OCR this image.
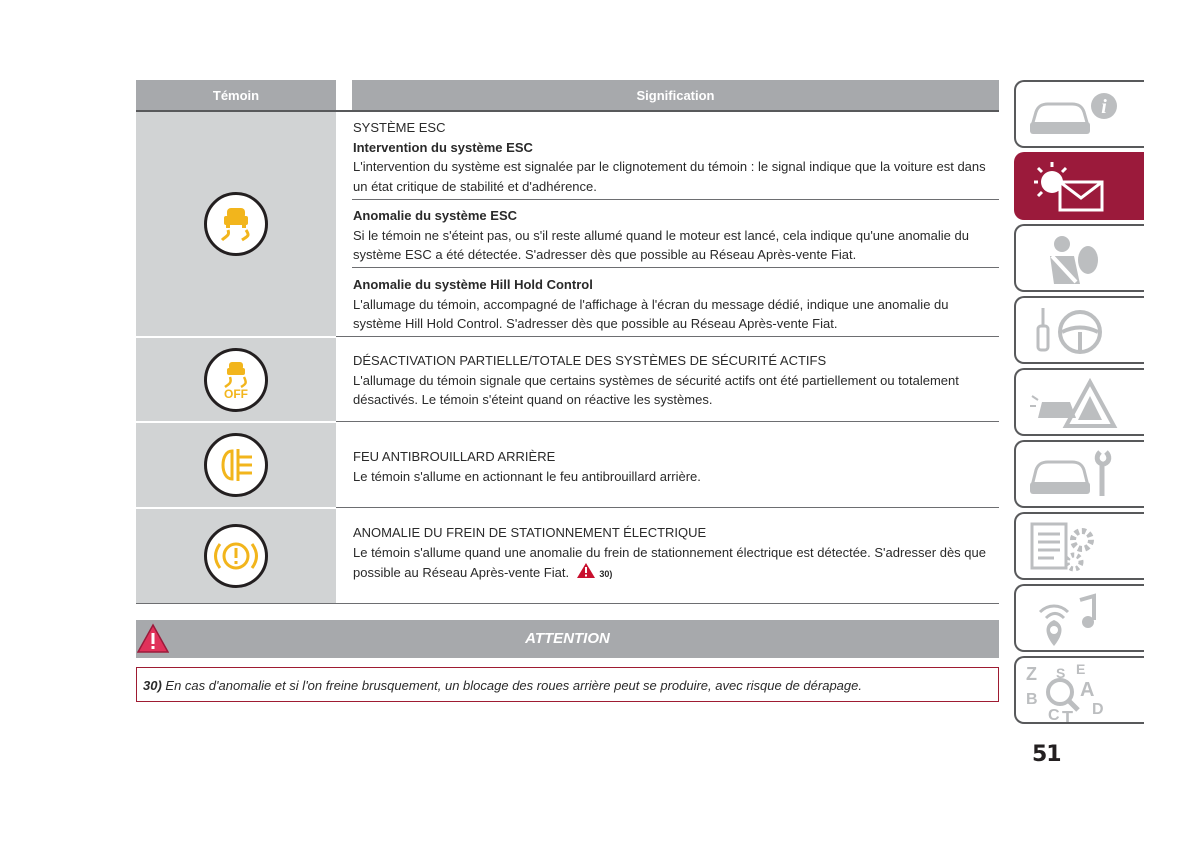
Témoin	Signification

SYSTÈME ESC
Intervention du système ESC
L'intervention du système est signalée par le clignotement du témoin : le signal indique que la voiture est dans un état critique de stabilité et d'adhérence.

Anomalie du système ESC
Si le témoin ne s'éteint pas, ou s'il reste allumé quand le moteur est lancé, cela indique qu'une anomalie du système ESC a été détectée. S'adresser dès que possible au Réseau Après-vente Fiat.

Anomalie du système Hill Hold Control
L'allumage du témoin, accompagné de l'affichage à l'écran du message dédié, indique une anomalie du système Hill Hold Control. S'adresser dès que possible au Réseau Après-vente Fiat.

OFF

DÉSACTIVATION PARTIELLE/TOTALE DES SYSTÈMES DE SÉCURITÉ ACTIFS
L'allumage du témoin signale que certains systèmes de sécurité actifs ont été partiellement ou totalement désactivés. Le témoin s'éteint quand on réactive les systèmes.

FEU ANTIBROUILLARD ARRIÈRE
Le témoin s'allume en actionnant le feu antibrouillard arrière.

ANOMALIE DU FREIN DE STATIONNEMENT ÉLECTRIQUE
Le témoin s'allume quand une anomalie du frein de stationnement électrique est détectée. S'adresser dès que possible au Réseau Après-vente Fiat.	30)

ATTENTION
30) En cas d'anomalie et si l'on freine brusquement, un blocage des roues arrière peut se produire, avec risque de dérapage.
i
Z	E
A
B
C T D
S
51
